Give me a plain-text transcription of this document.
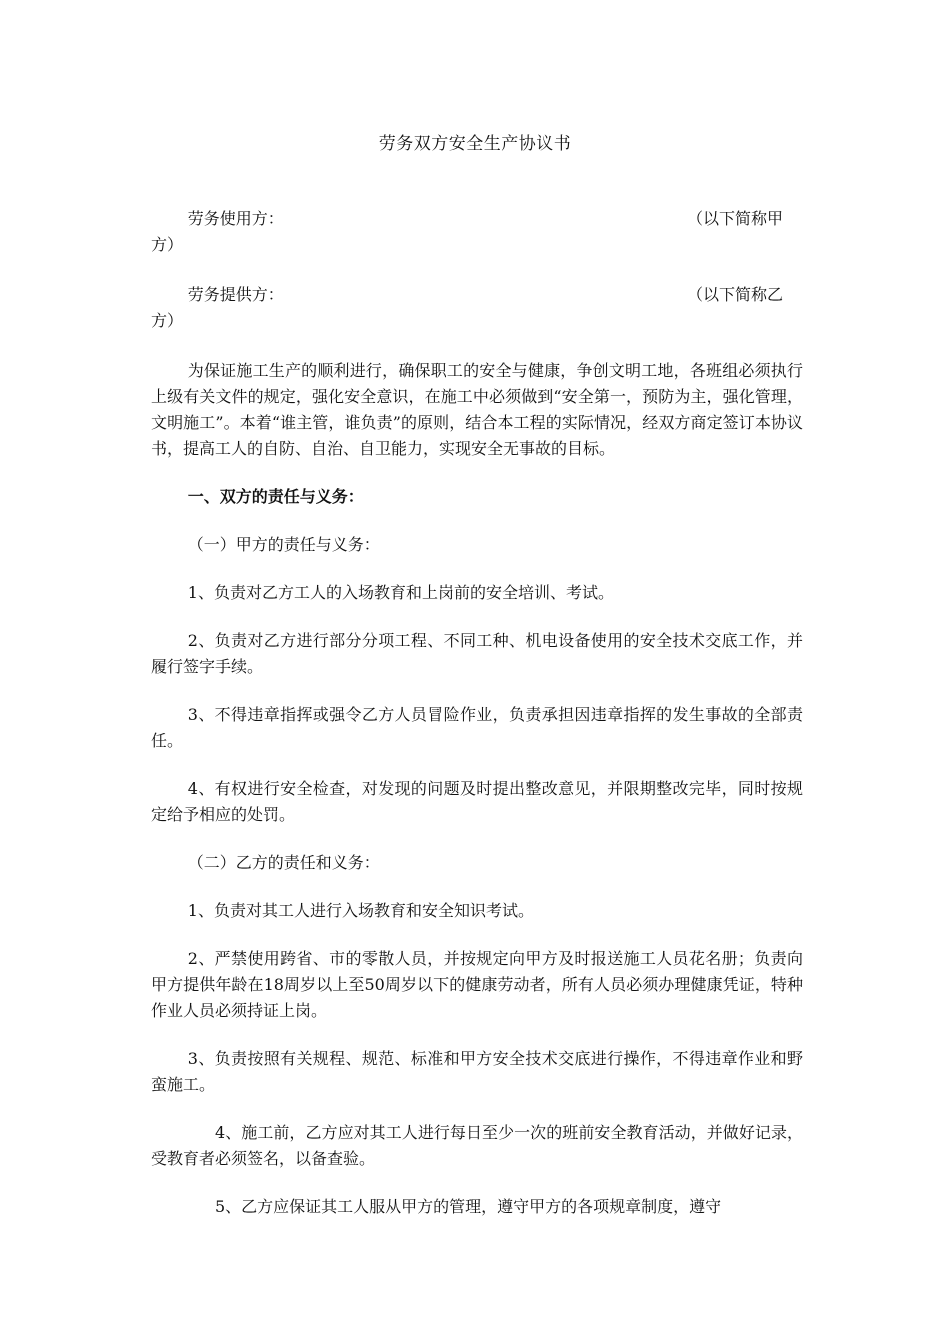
劳务双方安全生产协议书
劳务使用方：	（以下简称甲
方）
劳务提供方：	（以下简称乙
方）

为保证施工生产的顺利进行，确保职工的安全与健康，争创文明工地，各班组必须执行上级有关文件的规定，强化安全意识，在施工中必须做到“安全第一，预防为主，强化管理，文明施工”。本着“谁主管，谁负责”的原则，结合本工程的实际情况，经双方商定签订本协议书，提高工人的自防、自治、自卫能力，实现安全无事故的目标。

一、双方的责任与义务：

（一）甲方的责任与义务：

1、负责对乙方工人的入场教育和上岗前的安全培训、考试。

2、负责对乙方进行部分分项工程、不同工种、机电设备使用的安全技术交底工作，并履行签字手续。

3、不得违章指挥或强令乙方人员冒险作业，负责承担因违章指挥的发生事故的全部责任。

4、有权进行安全检查，对发现的问题及时提出整改意见，并限期整改完毕，同时按规定给予相应的处罚。

（二）乙方的责任和义务：

1、负责对其工人进行入场教育和安全知识考试。

2、严禁使用跨省、市的零散人员，并按规定向甲方及时报送施工人员花名册；负责向甲方提供年龄在18周岁以上至50周岁以下的健康劳动者，所有人员必须办理健康凭证，特种作业人员必须持证上岗。

3、负责按照有关规程、规范、标准和甲方安全技术交底进行操作，不得违章作业和野蛮施工。

4、施工前，乙方应对其工人进行每日至少一次的班前安全教育活动，并做好记录，受教育者必须签名，以备查验。

5、乙方应保证其工人服从甲方的管理，遵守甲方的各项规章制度，遵守
